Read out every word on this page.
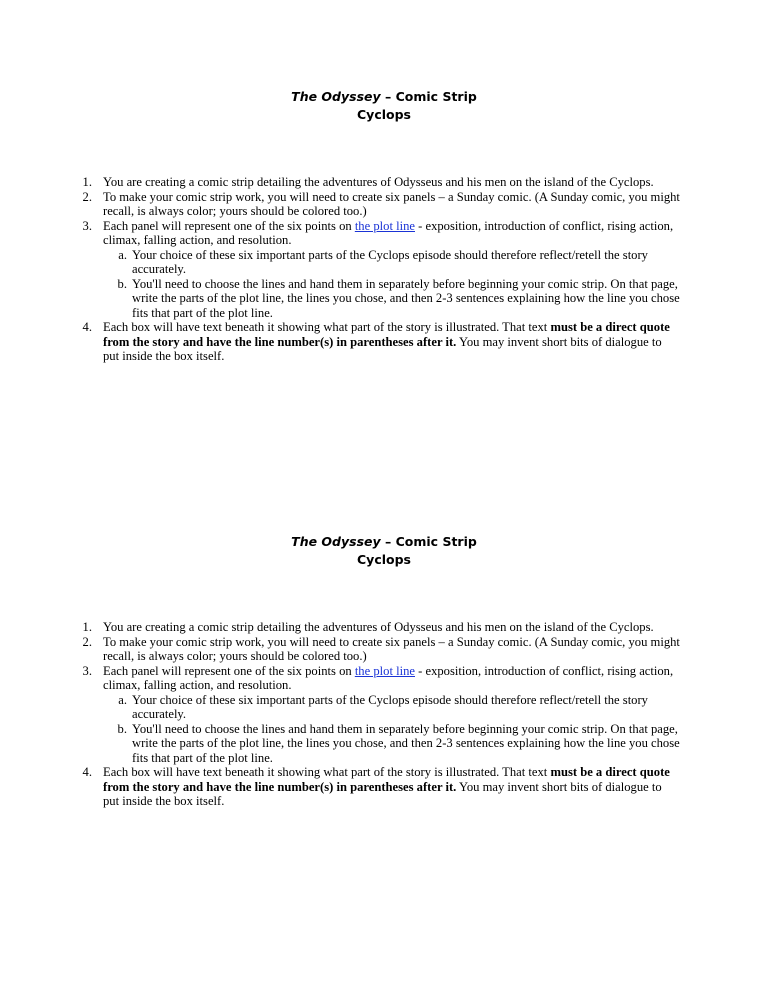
The Odyssey – Comic Strip
Cyclops
1. You are creating a comic strip detailing the adventures of Odysseus and his men on the island of the Cyclops.
2. To make your comic strip work, you will need to create six panels – a Sunday comic. (A Sunday comic, you might recall, is always color; yours should be colored too.)
3. Each panel will represent one of the six points on the plot line - exposition, introduction of conflict, rising action, climax, falling action, and resolution.
a. Your choice of these six important parts of the Cyclops episode should therefore reflect/retell the story accurately.
b. You'll need to choose the lines and hand them in separately before beginning your comic strip. On that page, write the parts of the plot line, the lines you chose, and then 2-3 sentences explaining how the line you chose fits that part of the plot line.
4. Each box will have text beneath it showing what part of the story is illustrated. That text must be a direct quote from the story and have the line number(s) in parentheses after it. You may invent short bits of dialogue to put inside the box itself.
The Odyssey – Comic Strip
Cyclops
1. You are creating a comic strip detailing the adventures of Odysseus and his men on the island of the Cyclops.
2. To make your comic strip work, you will need to create six panels – a Sunday comic. (A Sunday comic, you might recall, is always color; yours should be colored too.)
3. Each panel will represent one of the six points on the plot line - exposition, introduction of conflict, rising action, climax, falling action, and resolution.
a. Your choice of these six important parts of the Cyclops episode should therefore reflect/retell the story accurately.
b. You'll need to choose the lines and hand them in separately before beginning your comic strip. On that page, write the parts of the plot line, the lines you chose, and then 2-3 sentences explaining how the line you chose fits that part of the plot line.
4. Each box will have text beneath it showing what part of the story is illustrated. That text must be a direct quote from the story and have the line number(s) in parentheses after it. You may invent short bits of dialogue to put inside the box itself.
